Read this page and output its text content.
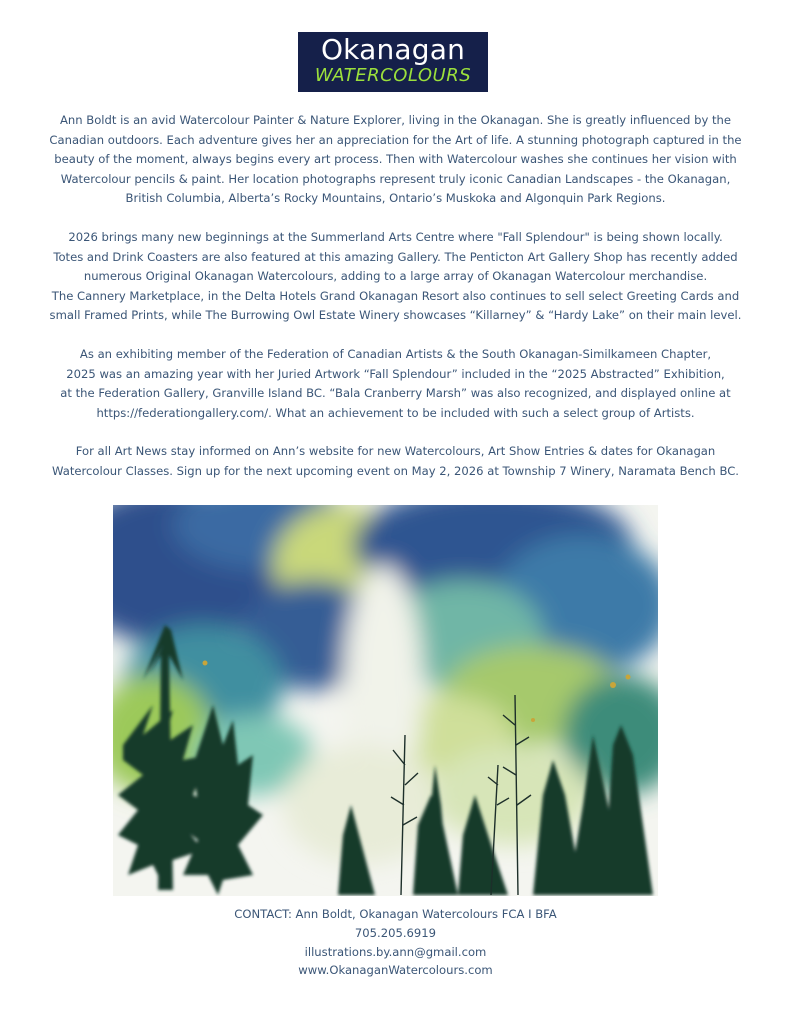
Okanagan
WATERCOLOURS

Ann Boldt is an avid Watercolour Painter & Nature Explorer, living in the Okanagan. She is greatly influenced by the
Canadian outdoors. Each adventure gives her an appreciation for the Art of life. A stunning photograph captured in the
beauty of the moment, always begins every art process. Then with Watercolour washes she continues her vision with
Watercolour pencils & paint. Her location photographs represent truly iconic Canadian Landscapes - the Okanagan,
British Columbia, Alberta’s Rocky Mountains, Ontario’s Muskoka and Algonquin Park Regions.

2026 brings many new beginnings at the Summerland Arts Centre where "Fall Splendour" is being shown locally.
Totes and Drink Coasters are also featured at this amazing Gallery. The Penticton Art Gallery Shop has recently added
numerous Original Okanagan Watercolours, adding to a large array of Okanagan Watercolour merchandise.
The Cannery Marketplace, in the Delta Hotels Grand Okanagan Resort also continues to sell select Greeting Cards and
small Framed Prints, while The Burrowing Owl Estate Winery showcases “Killarney” & “Hardy Lake” on their main level.

As an exhibiting member of the Federation of Canadian Artists & the South Okanagan-Similkameen Chapter,
2025 was an amazing year with her Juried Artwork “Fall Splendour” included in the “2025 Abstracted” Exhibition,
at the Federation Gallery, Granville Island BC. “Bala Cranberry Marsh” was also recognized, and displayed online at
https://federationgallery.com/. What an achievement to be included with such a select group of Artists.

For all Art News stay informed on Ann’s website for new Watercolours, Art Show Entries & dates for Okanagan
Watercolour Classes. Sign up for the next upcoming event on May 2, 2026 at Township 7 Winery, Naramata Bench BC.

CONTACT: Ann Boldt, Okanagan Watercolours FCA I BFA
705.205.6919
illustrations.by.ann@gmail.com
www.OkanaganWatercolours.com
